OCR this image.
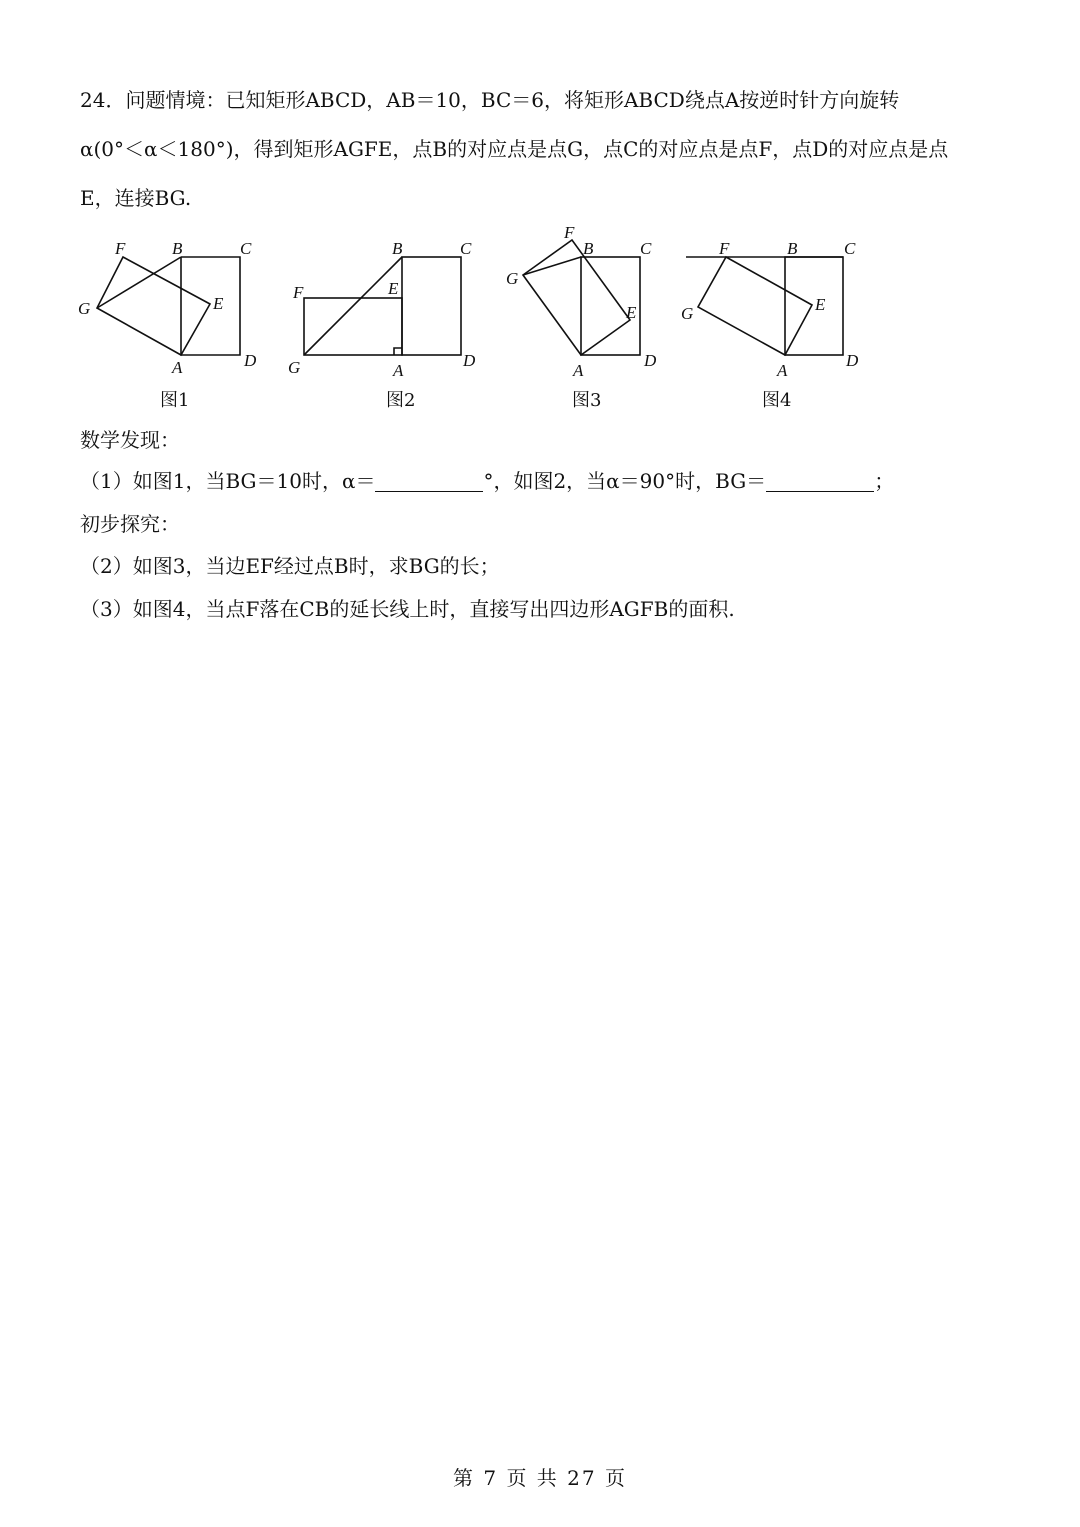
24．问题情境：已知矩形ABCD，AB＝10，BC＝6，将矩形ABCD绕点A按逆时针方向旋转
α(0°＜α＜180°)，得到矩形AGFE，点B的对应点是点G，点C的对应点是点F，点D的对应点是点
E，连接BG.
F	B	C
G	E
A	D
B	C
F	E
G	A
D
F
B	C
G
E
A
D
F	B	C
G	E
A
D
图1	图2	图3	图4
数学发现：
（1）如图1，当BG＝10时，α＝	°，如图2，当α＝90°时，BG＝	；
初步探究：
（2）如图3，当边EF经过点B时，求BG的长；
（3）如图4，当点F落在CB的延长线上时，直接写出四边形AGFB的面积.
第 7 页 共 27 页
